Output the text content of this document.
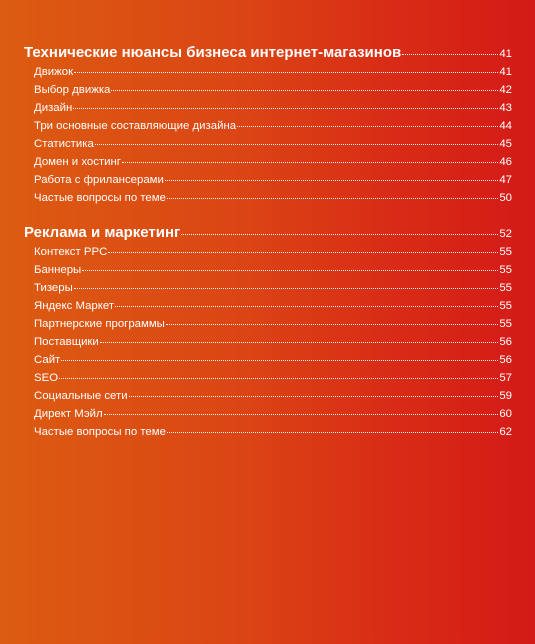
Технические нюансы бизнеса интернет-магазинов	41
Движок	41
Выбор движка	42
Дизайн	43
Три основные составляющие дизайна	44
Статистика	45
Домен и хостинг	46
Работа с фрилансерами	47
Частые вопросы по теме	50
Реклама и маркетинг	52
Контекст PPC	55
Баннеры	55
Тизеры	55
Яндекс Маркет	55
Партнерские программы	55
Поставщики	56
Сайт	56
SEO	57
Социальные сети	59
Директ Мэйл	60
Частые вопросы по теме	62
